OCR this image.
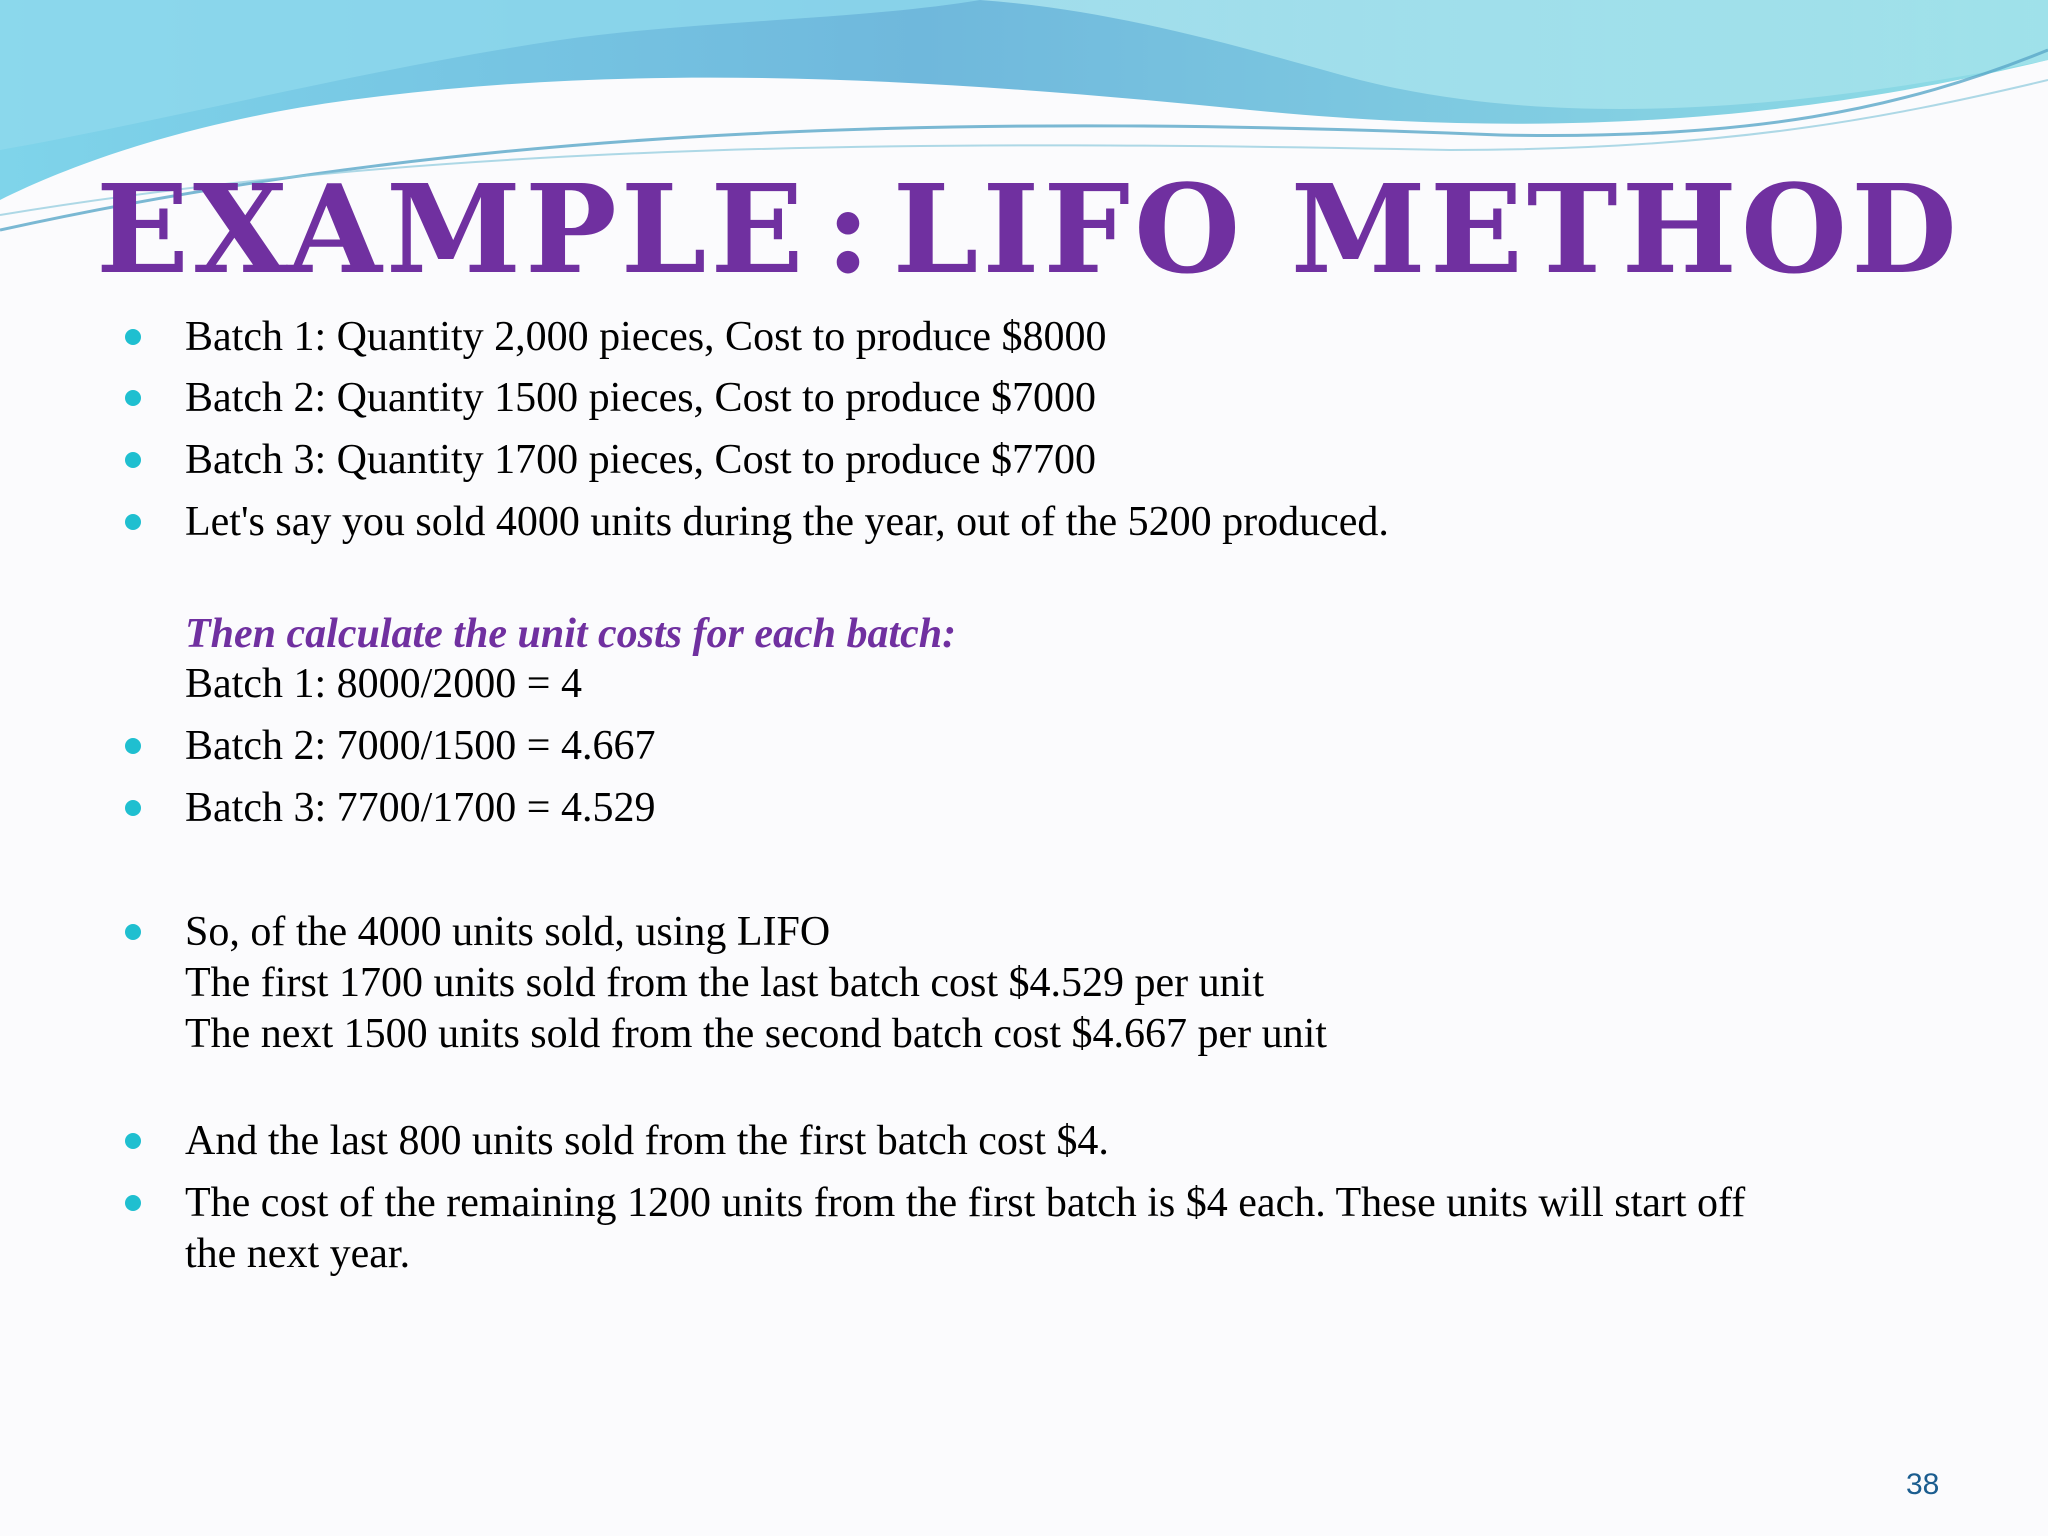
EXAMPLE : LIFO METHOD
Batch 1: Quantity 2,000 pieces, Cost to produce $8000
Batch 2: Quantity 1500 pieces, Cost to produce $7000
Batch 3: Quantity 1700 pieces, Cost to produce $7700
Let's say you sold 4000 units during the year, out of the 5200 produced.
Then calculate the unit costs for each batch:
Batch 1: 8000/2000 = 4
Batch 2: 7000/1500 = 4.667
Batch 3: 7700/1700 = 4.529
So, of the 4000 units sold, using LIFO
The first 1700 units sold from the last batch cost $4.529 per unit
The next 1500 units sold from the second batch cost $4.667 per unit
And the last 800 units sold from the first batch cost $4.
The cost of the remaining 1200 units from the first batch is $4 each. These units will start off
the next year.
38
